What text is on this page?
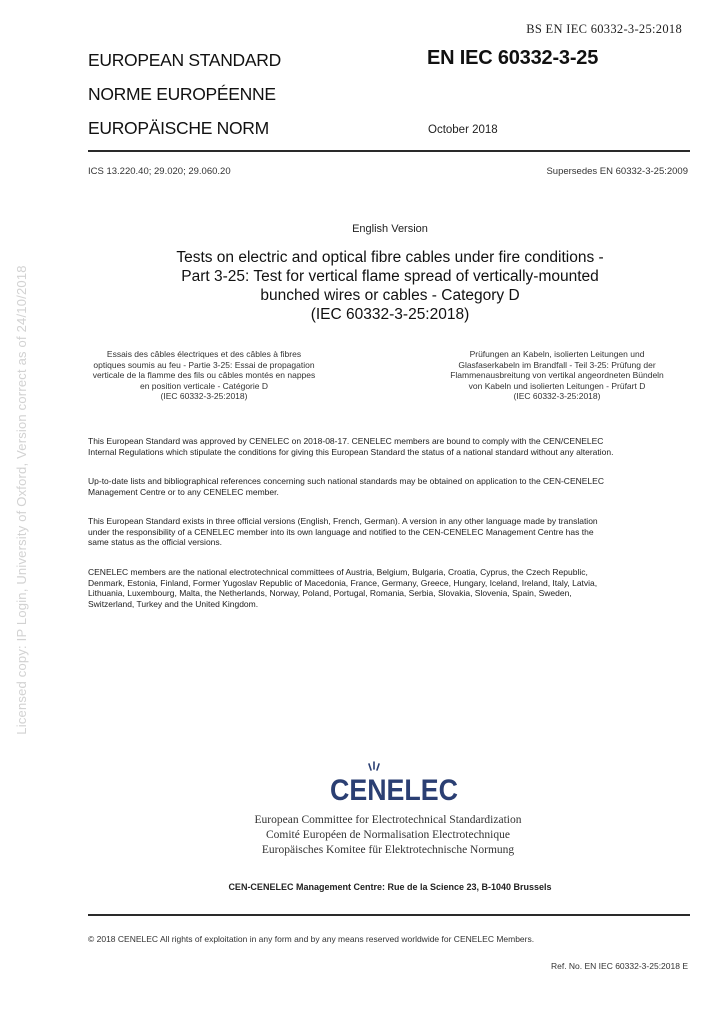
BS EN IEC 60332-3-25:2018
EUROPEAN STANDARD
NORME EUROPÉENNE
EUROPÄISCHE NORM
EN IEC 60332-3-25
October 2018
ICS 13.220.40; 29.020; 29.060.20	Supersedes EN 60332-3-25:2009
English Version
Tests on electric and optical fibre cables under fire conditions -
Part 3-25: Test for vertical flame spread of vertically-mounted
bunched wires or cables - Category D
(IEC 60332-3-25:2018)
Essais des câbles électriques et des câbles à fibres
optiques soumis au feu - Partie 3-25: Essai de propagation
verticale de la flamme des fils ou câbles montés en nappes
en position verticale - Catégorie D
(IEC 60332-3-25:2018)
Prüfungen an Kabeln, isolierten Leitungen und
Glasfaserkabeln im Brandfall - Teil 3-25: Prüfung der
Flammenausbreitung von vertikal angeordneten Bündeln
von Kabeln und isolierten Leitungen - Prüfart D
(IEC 60332-3-25:2018)
This European Standard was approved by CENELEC on 2018-08-17. CENELEC members are bound to comply with the CEN/CENELEC
Internal Regulations which stipulate the conditions for giving this European Standard the status of a national standard without any alteration.
Up-to-date lists and bibliographical references concerning such national standards may be obtained on application to the CEN-CENELEC
Management Centre or to any CENELEC member.
This European Standard exists in three official versions (English, French, German). A version in any other language made by translation
under the responsibility of a CENELEC member into its own language and notified to the CEN-CENELEC Management Centre has the
same status as the official versions.
CENELEC members are the national electrotechnical committees of Austria, Belgium, Bulgaria, Croatia, Cyprus, the Czech Republic,
Denmark, Estonia, Finland, Former Yugoslav Republic of Macedonia, France, Germany, Greece, Hungary, Iceland, Ireland, Italy, Latvia,
Lithuania, Luxembourg, Malta, the Netherlands, Norway, Poland, Portugal, Romania, Serbia, Slovakia, Slovenia, Spain, Sweden,
Switzerland, Turkey and the United Kingdom.
Licensed copy: IP Login, University of Oxford, Version correct as of 24/10/2018
CENELEC
European Committee for Electrotechnical Standardization
Comité Européen de Normalisation Electrotechnique
Europäisches Komitee für Elektrotechnische Normung
CEN-CENELEC Management Centre: Rue de la Science 23, B-1040 Brussels
© 2018 CENELEC All rights of exploitation in any form and by any means reserved worldwide for CENELEC Members.
Ref. No. EN IEC 60332-3-25:2018 E
